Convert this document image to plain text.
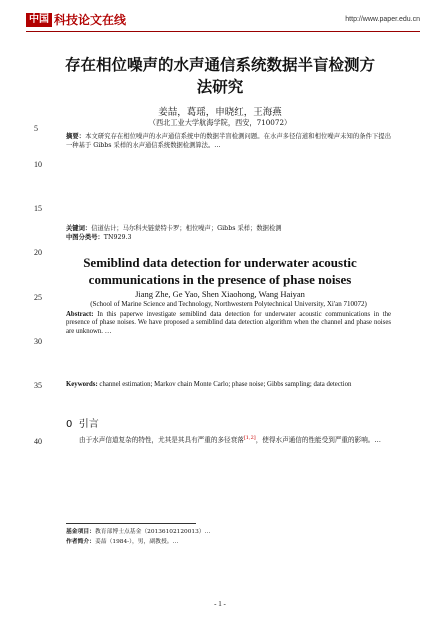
中国 科技论文在线	http://www.paper.edu.cn
存在相位噪声的水声通信系统数据半盲检测方法研究
姜喆，葛瑶，申晓红，王海燕
（西北工业大学航海学院，西安，710072）
5
10
15
20
25
30
35
40
摘要：本文研究存在相位噪声的水声通信系统中的数据半盲检测问题。在水声多径信道和相位噪声未知的条件下提出一种基于 Gibbs 采样的水声通信系统数据检测算法。…
关键词：信道估计；马尔科夫链蒙特卡罗；相位噪声；Gibbs 采样；数据检测
中图分类号：TN929.3
Semiblind data detection for underwater acoustic communications in the presence of phase noises
Jiang Zhe, Ge Yao, Shen Xiaohong, Wang Haiyan
(School of Marine Science and Technology, Northwestern Polytechnical University, Xi'an 710072)
Abstract: In this paperwe investigate semiblind data detection for underwater acoustic communications in the presence of phase noises. We have proposed a semiblind data detection algorithm when the channel and phase noises are unknown. …
Keywords: channel estimation; Markov chain Monte Carlo; phase noise; Gibbs sampling; data detection
0 引言
由于水声信道复杂的特性，尤其是其具有严重的多径衰落[1,2]，使得水声通信的性能受到严重的影响。…
基金项目：教育部博士点基金（20136102120013）…
作者简介：姜喆（1984-），男，副教授。…
- 1 -
